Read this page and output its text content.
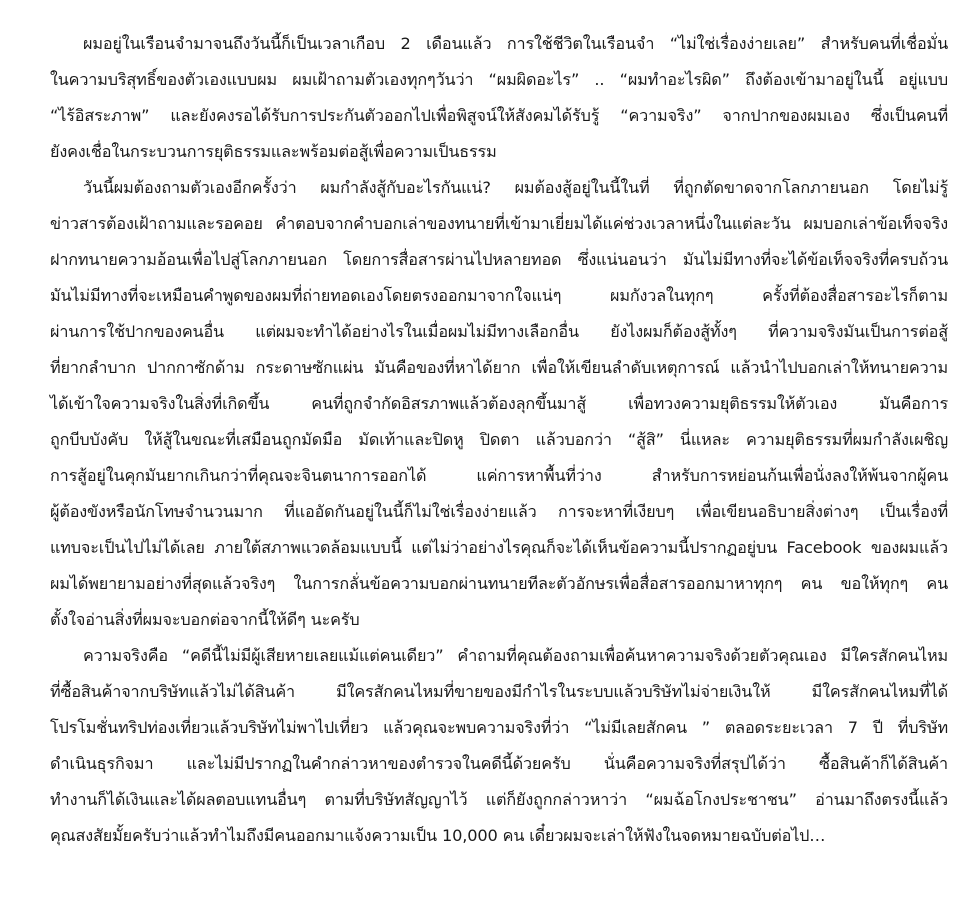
ผมอยู่ในเรือนจำมาจนถึงวันนี้ก็เป็นเวลาเกือบ 2 เดือนแล้ว การใช้ชีวิตในเรือนจำ “ไม่ใช่เรื่องง่ายเลย” สำหรับคนที่เชื่อมั่น
ในความบริสุทธิ์ของตัวเองแบบผม ผมเฝ้าถามตัวเองทุกๆวันว่า “ผมผิดอะไร” .. “ผมทำอะไรผิด” ถึงต้องเข้ามาอยู่ในนี้ อยู่แบบ
“ไร้อิสระภาพ” และยังคงรอได้รับการประกันตัวออกไปเพื่อพิสูจน์ให้สังคมได้รับรู้ “ความจริง” จากปากของผมเอง ซึ่งเป็นคนที่
ยังคงเชื่อในกระบวนการยุติธรรมและพร้อมต่อสู้เพื่อความเป็นธรรม

วันนี้ผมต้องถามตัวเองอีกครั้งว่า ผมกำลังสู้กับอะไรกันแน่? ผมต้องสู้อยู่ในนี้ในที่ ที่ถูกตัดขาดจากโลกภายนอก โดยไม่รู้
ข่าวสารต้องเฝ้าถามและรอคอย คำตอบจากคำบอกเล่าของทนายที่เข้ามาเยี่ยมได้แค่ช่วงเวลาหนึ่งในแต่ละวัน ผมบอกเล่าข้อเท็จจริง
ฝากทนายความอ้อนเพื่อไปสู่โลกภายนอก โดยการสื่อสารผ่านไปหลายทอด ซึ่งแน่นอนว่า มันไม่มีทางที่จะได้ข้อเท็จจริงที่ครบถ้วน
มันไม่มีทางที่จะเหมือนคำพูดของผมที่ถ่ายทอดเองโดยตรงออกมาจากใจแน่ๆ ผมกังวลในทุกๆ ครั้งที่ต้องสื่อสารอะไรก็ตาม
ผ่านการใช้ปากของคนอื่น แต่ผมจะทำได้อย่างไรในเมื่อผมไม่มีทางเลือกอื่น ยังไงผมก็ต้องสู้ทั้งๆ ที่ความจริงมันเป็นการต่อสู้
ที่ยากลำบาก ปากกาซักด้าม กระดาษซักแผ่น มันคือของที่หาได้ยาก เพื่อให้เขียนลำดับเหตุการณ์ แล้วนำไปบอกเล่าให้ทนายความ
ได้เข้าใจความจริงในสิ่งที่เกิดขึ้น คนที่ถูกจำกัดอิสรภาพแล้วต้องลุกขึ้นมาสู้ เพื่อทวงความยุติธรรมให้ตัวเอง มันคือการ
ถูกบีบบังคับ ให้สู้ในขณะที่เสมือนถูกมัดมือ มัดเท้าและปิดหู ปิดตา แล้วบอกว่า “สู้สิ” นี่แหละ ความยุติธรรมที่ผมกำลังเผชิญ
การสู้อยู่ในคุกมันยากเกินกว่าที่คุณจะจินตนาการออกได้ แค่การหาพื้นที่ว่าง สำหรับการหย่อนก้นเพื่อนั่งลงให้พ้นจากผู้คน
ผู้ต้องขังหรือนักโทษจำนวนมาก ที่แออัดกันอยู่ในนี้ก็ไม่ใช่เรื่องง่ายแล้ว การจะหาที่เงียบๆ เพื่อเขียนอธิบายสิ่งต่างๆ เป็นเรื่องที่
แทบจะเป็นไปไม่ได้เลย ภายใต้สภาพแวดล้อมแบบนี้ แต่ไม่ว่าอย่างไรคุณก็จะได้เห็นข้อความนี้ปรากฏอยู่บน Facebook ของผมแล้ว
ผมได้พยายามอย่างที่สุดแล้วจริงๆ ในการกลั่นข้อความบอกผ่านทนายทีละตัวอักษรเพื่อสื่อสารออกมาหาทุกๆ คน ขอให้ทุกๆ คน
ตั้งใจอ่านสิ่งที่ผมจะบอกต่อจากนี้ให้ดีๆ นะครับ

ความจริงคือ “คดีนี้ไม่มีผู้เสียหายเลยแม้แต่คนเดียว” คำถามที่คุณต้องถามเพื่อค้นหาความจริงด้วยตัวคุณเอง มีใครสักคนไหม
ที่ซื้อสินค้าจากบริษัทแล้วไม่ได้สินค้า มีใครสักคนไหมที่ขายของมีกำไรในระบบแล้วบริษัทไม่จ่ายเงินให้ มีใครสักคนไหมที่ได้
โปรโมชั่นทริปท่องเที่ยวแล้วบริษัทไม่พาไปเที่ยว แล้วคุณจะพบความจริงที่ว่า “ไม่มีเลยสักคน ” ตลอดระยะเวลา 7 ปี ที่บริษัท
ดำเนินธุรกิจมา และไม่มีปรากฏในคำกล่าวหาของตำรวจในคดีนี้ด้วยครับ นั่นคือความจริงที่สรุปได้ว่า ซื้อสินค้าก็ได้สินค้า
ทำงานก็ได้เงินและได้ผลตอบแทนอื่นๆ ตามที่บริษัทสัญญาไว้ แต่ก็ยังถูกกล่าวหาว่า “ผมฉ้อโกงประชาชน” อ่านมาถึงตรงนี้แล้ว
คุณสงสัยมั้ยครับว่าแล้วทำไมถึงมีคนออกมาแจ้งความเป็น 10,000 คน เดี๋ยวผมจะเล่าให้ฟังในจดหมายฉบับต่อไป…
